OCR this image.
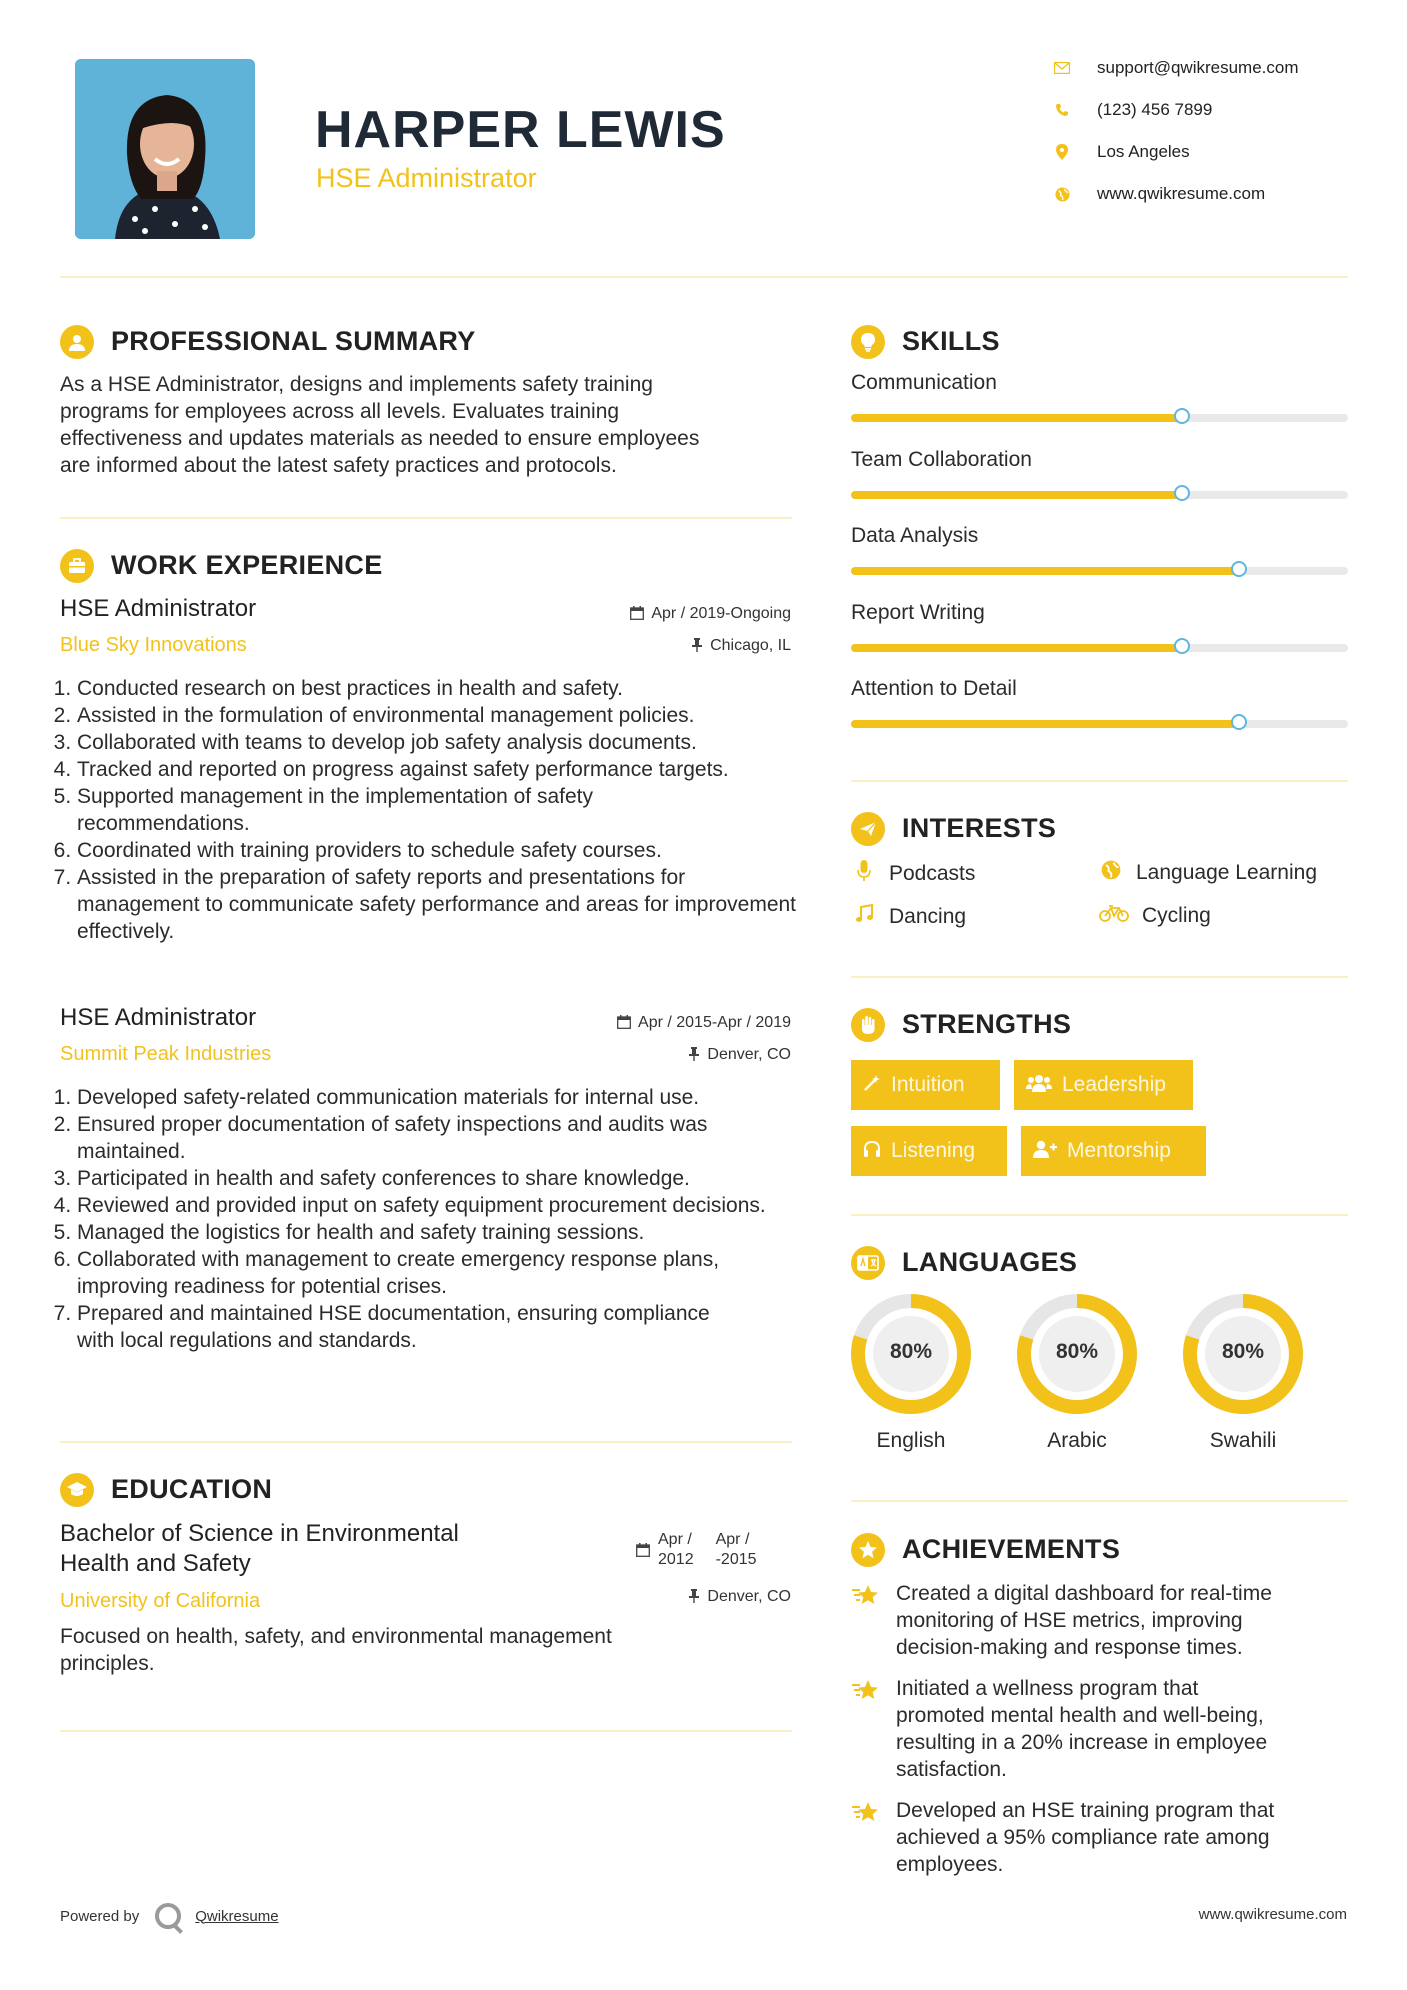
HARPER LEWIS
HSE Administrator
support@qwikresume.com
(123) 456 7899
Los Angeles
www.qwikresume.com
PROFESSIONAL SUMMARY
As a HSE Administrator, designs and implements safety training
programs for employees across all levels. Evaluates training
effectiveness and updates materials as needed to ensure employees
are informed about the latest safety practices and protocols.
WORK EXPERIENCE
HSE Administrator
Blue Sky Innovations
Apr / 2019-Ongoing
Chicago, IL
1. Conducted research on best practices in health and safety.
2. Assisted in the formulation of environmental management policies.
3. Collaborated with teams to develop job safety analysis documents.
4. Tracked and reported on progress against safety performance targets.
5. Supported management in the implementation of safety recommendations.
6. Coordinated with training providers to schedule safety courses.
7. Assisted in the preparation of safety reports and presentations for management to communicate safety performance and areas for improvement effectively.
HSE Administrator
Summit Peak Industries
Apr / 2015-Apr / 2019
Denver, CO
1. Developed safety-related communication materials for internal use.
2. Ensured proper documentation of safety inspections and audits was maintained.
3. Participated in health and safety conferences to share knowledge.
4. Reviewed and provided input on safety equipment procurement decisions.
5. Managed the logistics for health and safety training sessions.
6. Collaborated with management to create emergency response plans, improving readiness for potential crises.
7. Prepared and maintained HSE documentation, ensuring compliance with local regulations and standards.
EDUCATION
Bachelor of Science in Environmental
Health and Safety
University of California
Apr /
2012
Apr /
-2015
Denver, CO
Focused on health, safety, and environmental management
principles.
SKILLS
Communication
Team Collaboration
Data Analysis
Report Writing
Attention to Detail
INTERESTS
Podcasts	Language Learning
Dancing	Cycling
STRENGTHS
Intuition	Leadership
Listening	Mentorship
LANGUAGES
80%
English
80%
Arabic
80%
Swahili
ACHIEVEMENTS
Created a digital dashboard for real-time
monitoring of HSE metrics, improving
decision-making and response times.
Initiated a wellness program that
promoted mental health and well-being,
resulting in a 20% increase in employee
satisfaction.
Developed an HSE training program that
achieved a 95% compliance rate among
employees.
Powered by	Qwikresume	www.qwikresume.com
